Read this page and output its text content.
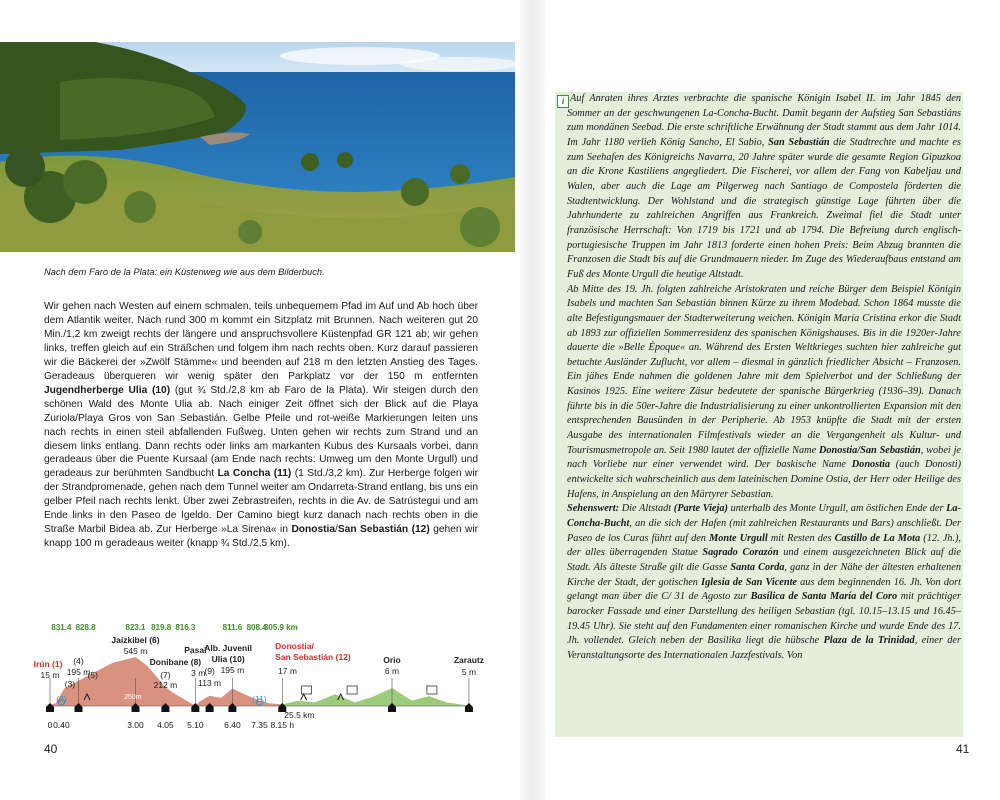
Nach dem Faro de la Plata: ein Küstenweg wie aus dem Bilderbuch.
Wir gehen nach Westen auf einem schmalen, teils unbequemem Pfad im Auf und Ab hoch über dem Atlantik weiter. Nach rund 300 m kommt ein Sitzplatz mit Brunnen. Nach weiteren gut 20 Min./1,2 km zweigt rechts der längere und anspruchsvollere Küstenpfad GR 121 ab; wir gehen links, treffen gleich auf ein Sträßchen und folgem ihm nach rechts oben. Kurz darauf passieren wir die Bäckerei der »Zwölf Stämme« und beenden auf 218 m den letzten Anstieg des Tages. Geradeaus überqueren wir wenig später den Parkplatz vor der 150 m entfernten Jugendherberge Ulia (10) (gut ¾ Std./2,8 km ab Faro de la Plata). Wir steigen durch den schönen Wald des Monte Ulia ab. Nach einiger Zeit öffnet sich der Blick auf die Playa Zuriola/Playa Gros von San Sebastián. Gelbe Pfeile und rot-weiße Markierungen leiten uns nach rechts in einen steil abfallenden Fußweg. Unten gehen wir rechts zum Strand und an diesem links entlang. Dann rechts oder links am markanten Kubus des Kursaals vorbei, dann geradeaus über die Puente Kursaal (am Ende nach rechts: Umweg um den Monte Urgull) und geradeaus zur berühmten Sandbucht La Concha (11) (1 Std./3,2 km). Zur Herberge folgen wir der Strandpromenade, gehen nach dem Tunnel weiter am Ondarreta-Strand entlang, bis uns ein gelber Pfeil nach rechts lenkt. Über zwei Zebrastreifen, rechts in die Av. de Satrústegui und am Ende links in den Paseo de Igeldo. Der Camino biegt kurz danach nach rechts oben in die Straße Marbil Bidea ab. Zur Herberge »La Sirena« in Donostia/San Sebastián (12) gehen wir knapp 100 m geradeaus weiter (knapp ¾ Std./2,5 km).
831.4 828.8	823.1 819.8 816.3	811.6 808.4
805.9 km
Irún (1)
15 m
(2)
(3)
(4)
195 m
(5)
Jaizkibel (6)
545 m
(7)
212 m
Donibane (8)
Pasai
3 m (9)
113 m
Alb. Juvenil
Ulia (10)
195 m
(11)
Donostia/
San Sebastián (12)
17 m
Orio
6 m
Zarautz
5 m
250m
0 0.40	3.00 4.05 5.10 6.40 7.35 8.15 h
25.5 km
40
i Auf Anraten ihres Arztes verbrachte die spanische Königin Isabel II. im Jahr 1845 den Sommer an der geschwungenen La-Concha-Bucht. Damit begann der Aufstieg San Sebastiáns zum mondänen Seebad. Die erste schriftliche Erwähnung der Stadt stammt aus dem Jahr 1014. Im Jahr 1180 verlieh König Sancho, El Sabio, San Sebastián die Stadtrechte und machte es zum Seehafen des Königreichs Navarra, 20 Jahre später wurde die gesamte Region Gipuzkoa an die Krone Kastiliens angegliedert. Die Fischerei, vor allem der Fang von Kabeljau und Walen, aber auch die Lage am Pilgerweg nach Santiago de Compostela förderten die Stadtentwicklung. Der Wohlstand und die strategisch günstige Lage führten über die Jahrhunderte zu zahlreichen Angriffen aus Frankreich. Zweimal fiel die Stadt unter französische Herrschaft: Von 1719 bis 1721 und ab 1794. Die Befreiung durch englisch-portugiesische Truppen im Jahr 1813 forderte einen hohen Preis: Beim Abzug brannten die Franzosen die Stadt bis auf die Grundmauern nieder. Im Zuge des Wiederaufbaus entstand am Fuß des Monte Urgull die heutige Altstadt.

Ab Mitte des 19. Jh. folgten zahlreiche Aristokraten und reiche Bürger dem Beispiel Königin Isabels und machten San Sebastián binnen Kürze zu ihrem Modebad. Schon 1864 musste die alte Befestigungsmauer der Stadterweiterung weichen. Königin María Cristina erkor die Stadt ab 1893 zur offiziellen Sommerresidenz des spanischen Königshauses. Bis in die 1920er-Jahre dauerte die »Belle Époque« an. Während des Ersten Weltkrieges suchten hier zahlreiche gut betuchte Ausländer Zuflucht, vor allem – diesmal in gänzlich friedlicher Absicht – Franzosen. Ein jähes Ende nahmen die goldenen Jahre mit dem Spielverbot und der Schließung der Kasinos 1925. Eine weitere Zäsur bedeutete der spanische Bürgerkrieg (1936–39). Danach führte bis in die 50er-Jahre die Industrialisierung zu einer unkontrollierten Expansion mit den entsprechenden Bausünden in der Peripherie. Ab 1953 knüpfte die Stadt mit der ersten Ausgabe des internationalen Filmfestivals wieder an die Vergangenheit als Kultur- und Tourismusmetropole an. Seit 1980 lautet der offizielle Name Donostia/San Sebastián, wobei je nach Vorliebe nur einer verwendet wird. Der baskische Name Donostia (auch Donosti) entwickelte sich wahrscheinlich aus dem lateinischen Domine Ostia, der Herr oder Heilige des Hafens, in Anspielung an den Märtyrer Sebastian.

Sehenswert: Die Altstadt (Parte Vieja) unterhalb des Monte Urgull, am östlichen Ende der La-Concha-Bucht, an die sich der Hafen (mit zahlreichen Restaurants und Bars) anschließt. Der Paseo de los Curas führt auf den Monte Urgull mit Resten des Castillo de La Mota (12. Jh.), der alles überragenden Statue Sagrado Corazón und einem ausgezeichneten Blick auf die Stadt. Als älteste Straße gilt die Gasse Santa Corda, ganz in der Nähe der ältesten erhaltenen Kirche der Stadt, der gotischen Iglesia de San Vicente aus dem beginnenden 16. Jh. Von dort gelangt man über die C/ 31 de Agosto zur Basílica de Santa María del Coro mit prächtiger barocker Fassade und einer Darstellung des heiligen Sebastian (tgl. 10.15–13.15 und 16.45–19.45 Uhr). Sie steht auf den Fundamenten einer romanischen Kirche und wurde Ende des 17. Jh. vollendet. Gleich neben der Basilika liegt die hübsche Plaza de la Trinidad, einer der Veranstaltungsorte des Internationalen Jazzfestivals. Von

41
